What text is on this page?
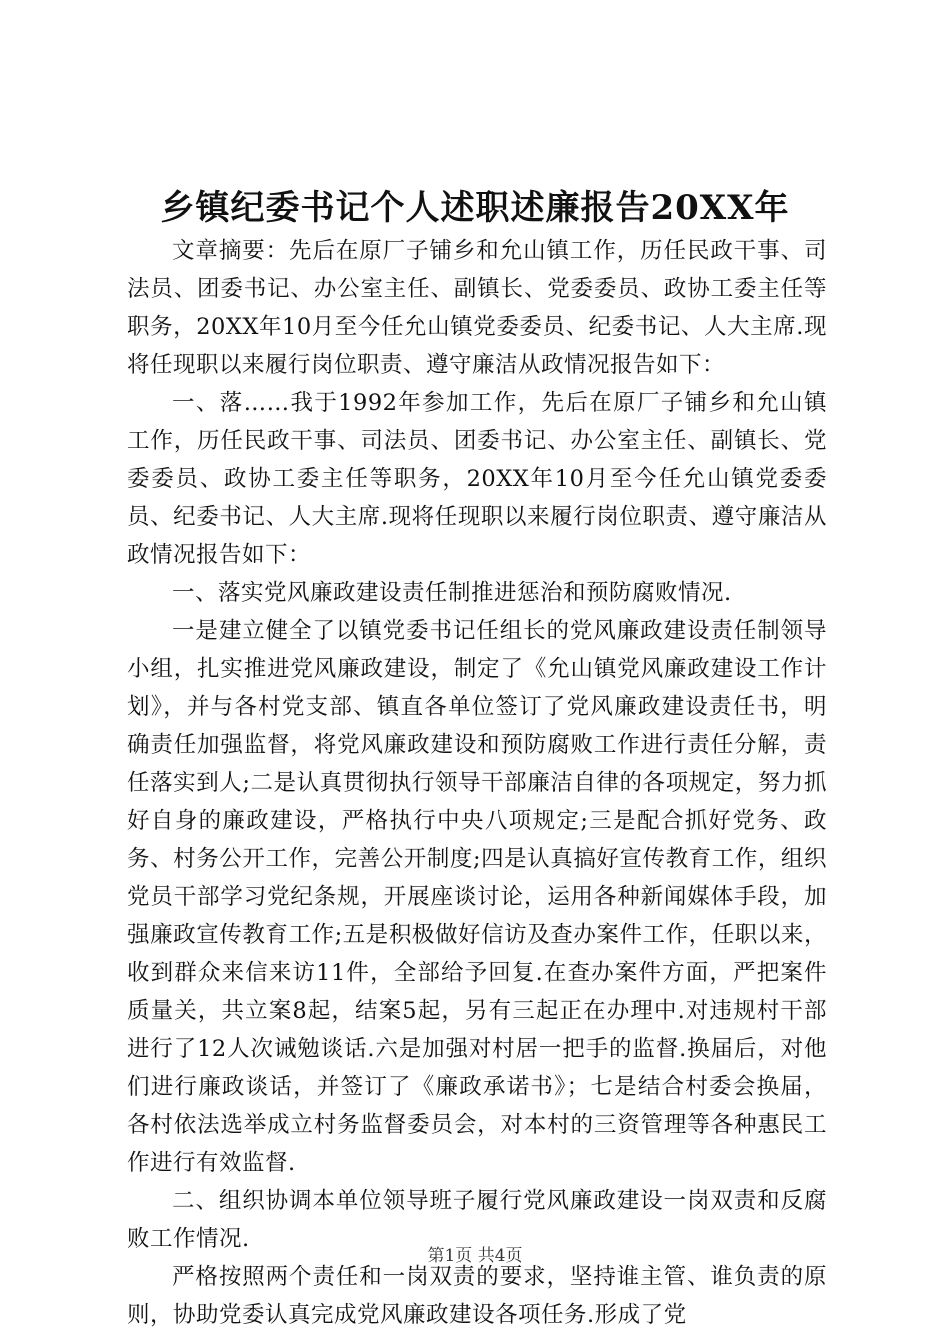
乡镇纪委书记个人述职述廉报告20XX年

文章摘要：先后在原厂子铺乡和允山镇工作，历任民政干事、司法员、团委书记、办公室主任、副镇长、党委委员、政协工委主任等职务，20XX年10月至今任允山镇党委委员、纪委书记、人大主席.现将任现职以来履行岗位职责、遵守廉洁从政情况报告如下：

一、落……我于1992年参加工作，先后在原厂子铺乡和允山镇工作，历任民政干事、司法员、团委书记、办公室主任、副镇长、党委委员、政协工委主任等职务，20XX年10月至今任允山镇党委委员、纪委书记、人大主席.现将任现职以来履行岗位职责、遵守廉洁从政情况报告如下：

一、落实党风廉政建设责任制推进惩治和预防腐败情况.

一是建立健全了以镇党委书记任组长的党风廉政建设责任制领导小组，扎实推进党风廉政建设，制定了《允山镇党风廉政建设工作计划》，并与各村党支部、镇直各单位签订了党风廉政建设责任书，明确责任加强监督，将党风廉政建设和预防腐败工作进行责任分解，责任落实到人;二是认真贯彻执行领导干部廉洁自律的各项规定，努力抓好自身的廉政建设，严格执行中央八项规定;三是配合抓好党务、政务、村务公开工作，完善公开制度;四是认真搞好宣传教育工作，组织党员干部学习党纪条规，开展座谈讨论，运用各种新闻媒体手段，加强廉政宣传教育工作;五是积极做好信访及查办案件工作，任职以来，收到群众来信来访11件，全部给予回复.在查办案件方面，严把案件质量关，共立案8起，结案5起，另有三起正在办理中.对违规村干部进行了12人次诫勉谈话.六是加强对村居一把手的监督.换届后，对他们进行廉政谈话，并签订了《廉政承诺书》；七是结合村委会换届，各村依法选举成立村务监督委员会，对本村的三资管理等各种惠民工作进行有效监督.

二、组织协调本单位领导班子履行党风廉政建设一岗双责和反腐败工作情况.

严格按照两个责任和一岗双责的要求，坚持谁主管、谁负责的原则，协助党委认真完成党风廉政建设各项任务.形成了党

第1页 共4页
